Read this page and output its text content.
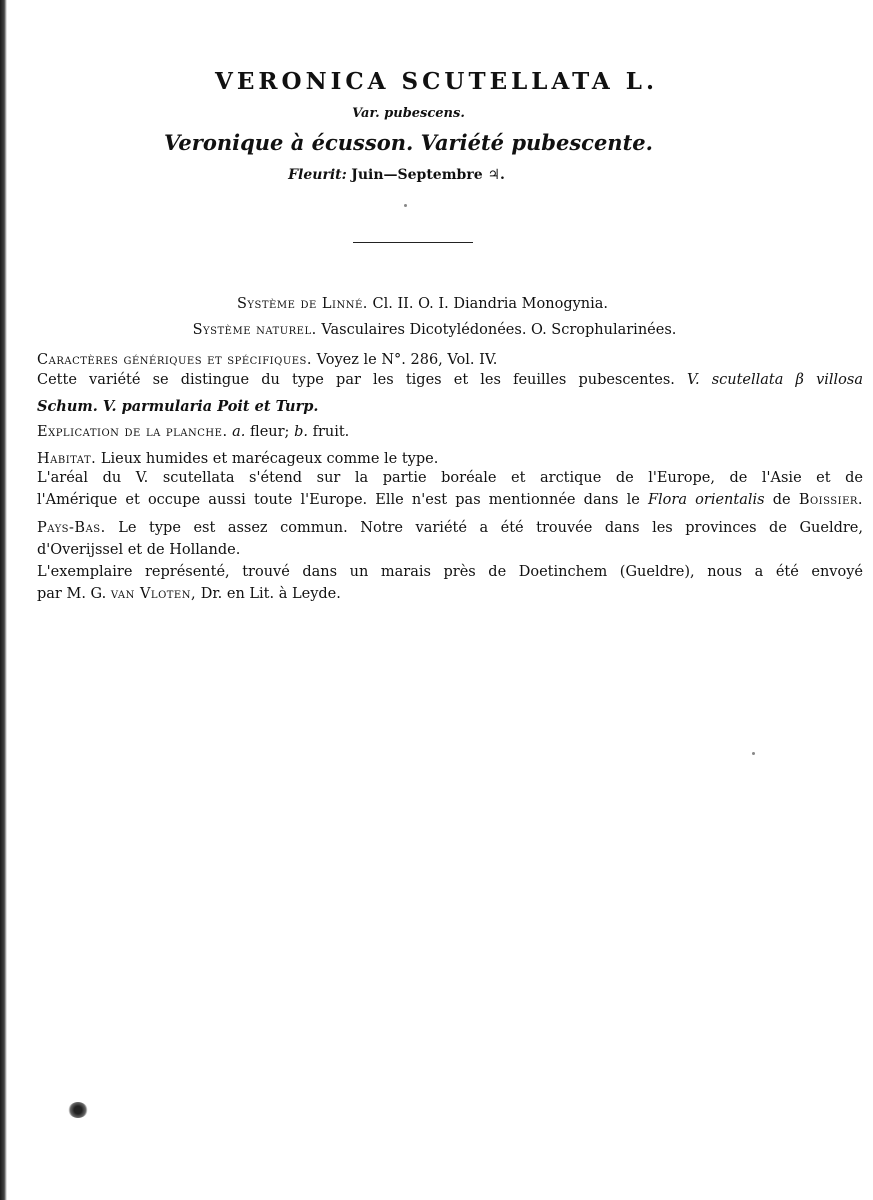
VERONICA SCUTELLATA L.
Var. pubescens.
Veronique à écusson. Variété pubescente.
Fleurit: Juin—Septembre ♃.
Système de Linné. Cl. II. O. I. Diandria Monogynia.
Système naturel. Vasculaires Dicotylédonées. O. Scrophularinées.
Caractères génériques et spécifiques. Voyez le N°. 286, Vol. IV.
Cette variété se distingue du type par les tiges et les feuilles pubescentes. V. scutellata β villosa
Schum. V. parmularia Poit et Turp.
Explication de la planche. a. fleur; b. fruit.
Habitat. Lieux humides et marécageux comme le type.
L'aréal du V. scutellata s'étend sur la partie boréale et arctique de l'Europe, de l'Asie et de
l'Amérique et occupe aussi toute l'Europe. Elle n'est pas mentionnée dans le Flora orientalis de Boissier.
Pays-Bas. Le type est assez commun. Notre variété a été trouvée dans les provinces de Gueldre,
d'Overijssel et de Hollande.
L'exemplaire représenté, trouvé dans un marais près de Doetinchem (Gueldre), nous a été envoyé
par M. G. van Vloten, Dr. en Lit. à Leyde.
